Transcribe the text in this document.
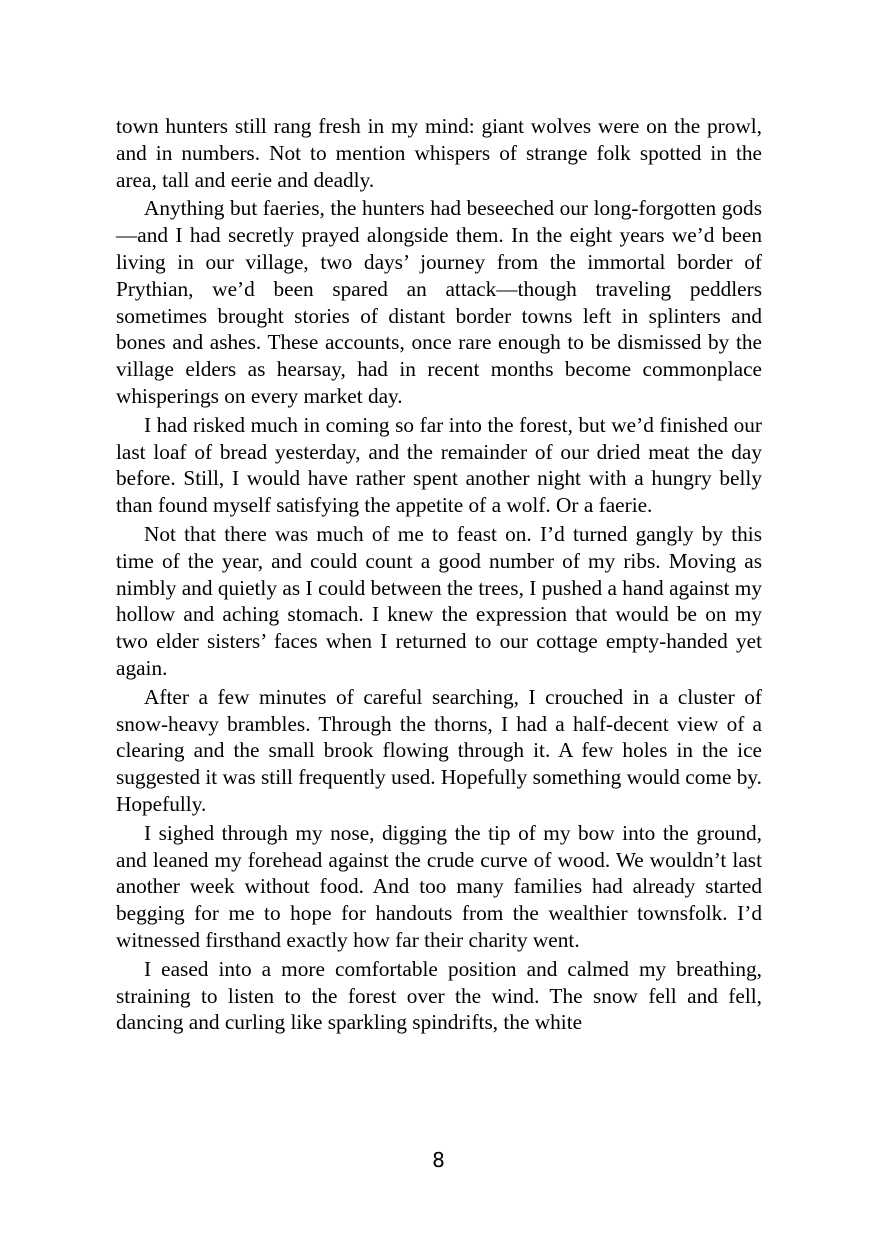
town hunters still rang fresh in my mind: giant wolves were on the prowl, and in numbers. Not to mention whispers of strange folk spotted in the area, tall and eerie and deadly.

Anything but faeries, the hunters had beseeched our long-forgotten gods—and I had secretly prayed alongside them. In the eight years we’d been living in our village, two days’ journey from the immortal border of Prythian, we’d been spared an attack—though traveling peddlers sometimes brought stories of distant border towns left in splinters and bones and ashes. These accounts, once rare enough to be dismissed by the village elders as hearsay, had in recent months become commonplace whisperings on every market day.

I had risked much in coming so far into the forest, but we’d finished our last loaf of bread yesterday, and the remainder of our dried meat the day before. Still, I would have rather spent another night with a hungry belly than found myself satisfying the appetite of a wolf. Or a faerie.

Not that there was much of me to feast on. I’d turned gangly by this time of the year, and could count a good number of my ribs. Moving as nimbly and quietly as I could between the trees, I pushed a hand against my hollow and aching stomach. I knew the expression that would be on my two elder sisters’ faces when I returned to our cottage empty-handed yet again.

After a few minutes of careful searching, I crouched in a cluster of snow-heavy brambles. Through the thorns, I had a half-decent view of a clearing and the small brook flowing through it. A few holes in the ice suggested it was still frequently used. Hopefully something would come by. Hopefully.

I sighed through my nose, digging the tip of my bow into the ground, and leaned my forehead against the crude curve of wood. We wouldn’t last another week without food. And too many families had already started begging for me to hope for handouts from the wealthier townsfolk. I’d witnessed firsthand exactly how far their charity went.

I eased into a more comfortable position and calmed my breathing, straining to listen to the forest over the wind. The snow fell and fell, dancing and curling like sparkling spindrifts, the white

8
